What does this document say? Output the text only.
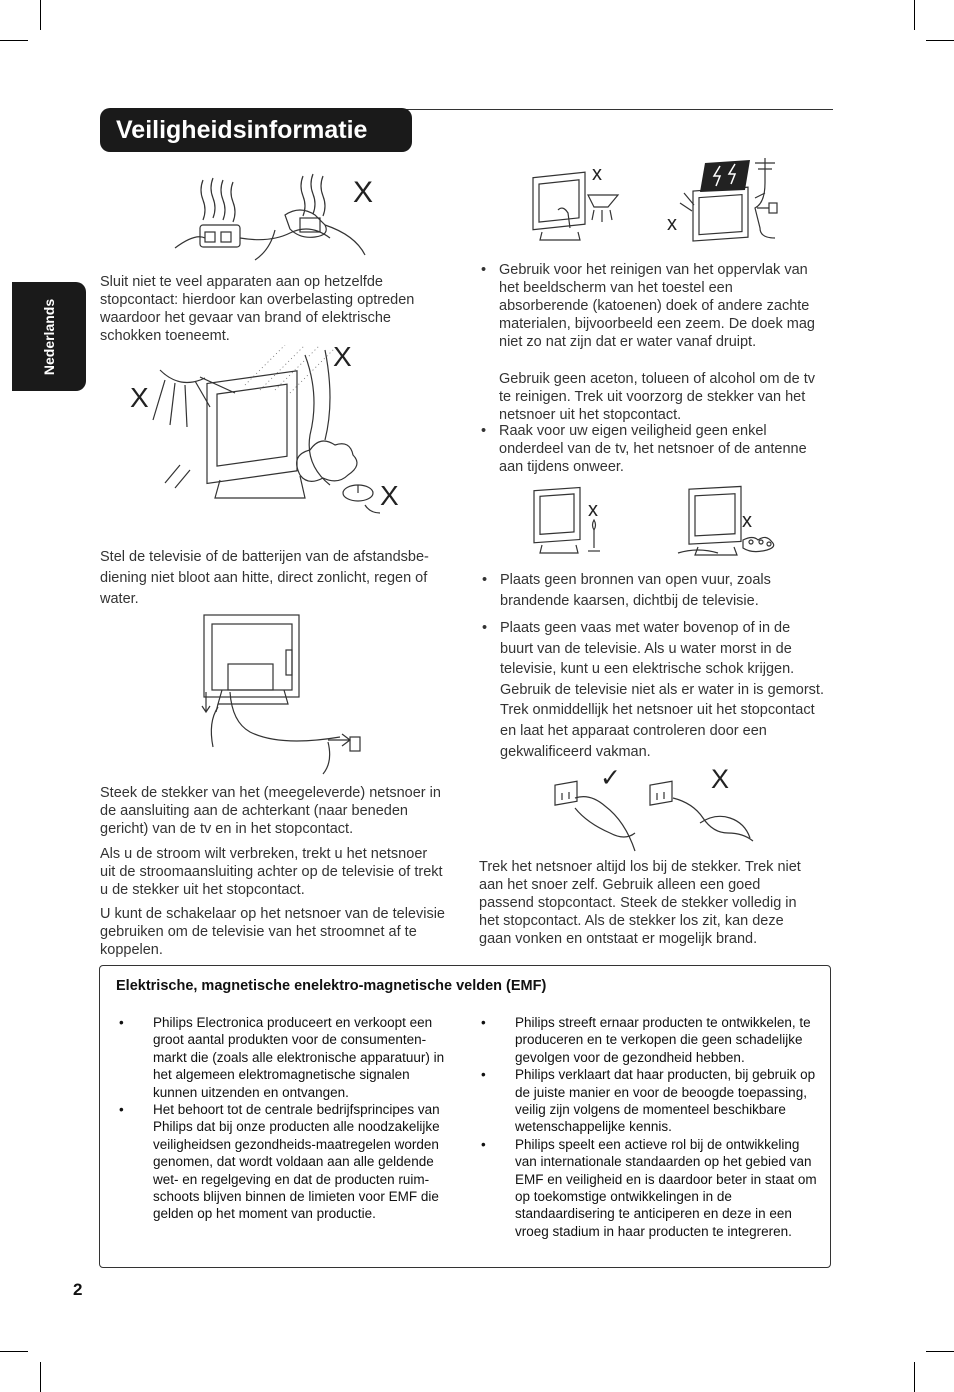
Veiligheidsinformatie
Nederlands
X
Sluit niet te veel apparaten aan op hetzelfde stopcontact: hierdoor kan overbelasting optreden waardoor het gevaar van brand of elektrische schokken toeneemt.
X
X
X
Stel de televisie of de batterijen van de afstandsbe-diening niet bloot aan hitte, direct zonlicht, regen of water.
Steek de stekker van het (meegeleverde) netsnoer in de aansluiting aan de achterkant (naar beneden gericht) van de tv en in het stopcontact.
Als u de stroom wilt verbreken, trekt u het netsnoer uit de stroomaansluiting achter op de televisie of trekt u de stekker uit het stopcontact.
U kunt de schakelaar op het netsnoer van de televisie gebruiken om de televisie van het stroomnet af te koppelen.
x
x
• Gebruik voor het reinigen van het oppervlak van het beeldscherm van het toestel een absorberende (katoenen) doek of andere zachte materialen, bijvoorbeeld een zeem. De doek mag niet zo nat zijn dat er water vanaf druipt.
Gebruik geen aceton, tolueen of alcohol om de tv te reinigen. Trek uit voorzorg de stekker van het netsnoer uit het stopcontact.
• Raak voor uw eigen veiligheid geen enkel onderdeel van de tv, het netsnoer of de antenne aan tijdens onweer.
x	x
• Plaats geen bronnen van open vuur, zoals brandende kaarsen, dichtbij de televisie.
• Plaats geen vaas met water bovenop of in de buurt van de televisie. Als u water morst in de televisie, kunt u een elektrische schok krijgen. Gebruik de televisie niet als er water in is gemorst. Trek onmiddellijk het netsnoer uit het stopcontact en laat het apparaat controleren door een gekwalificeerd vakman.
✓	X
Trek het netsnoer altijd los bij de stekker. Trek niet aan het snoer zelf. Gebruik alleen een goed passend stopcontact. Steek de stekker volledig in het stopcontact. Als de stekker los zit, kan deze gaan vonken en ontstaat er mogelijk brand.
Elektrische, magnetische enelektro-magnetische velden (EMF)
• Philips Electronica produceert en verkoopt een groot aantal produkten voor de consumenten-markt die (zoals alle elektronische apparatuur) in het algemeen elektromagnetische signalen kunnen uitzenden en ontvangen.
• Het behoort tot de centrale bedrijfsprincipes van Philips dat bij onze producten alle noodzakelijke veiligheidsen gezondheids-maatregelen worden genomen, dat wordt voldaan aan alle geldende wet- en regelgeving en dat de producten ruim-schoots blijven binnen de limieten voor EMF die gelden op het moment van productie.
• Philips streeft ernaar producten te ontwikkelen, te produceren en te verkopen die geen schadelijke gevolgen voor de gezondheid hebben.
• Philips verklaart dat haar producten, bij gebruik op de juiste manier en voor de beoogde toepassing, veilig zijn volgens de momenteel beschikbare wetenschappelijke kennis.
• Philips speelt een actieve rol bij de ontwikkeling van internationale standaarden op het gebied van EMF en veiligheid en is daardoor beter in staat om op toekomstige ontwikkelingen in de standaardisering te anticiperen en deze in een vroeg stadium in haar producten te integreren.
2
